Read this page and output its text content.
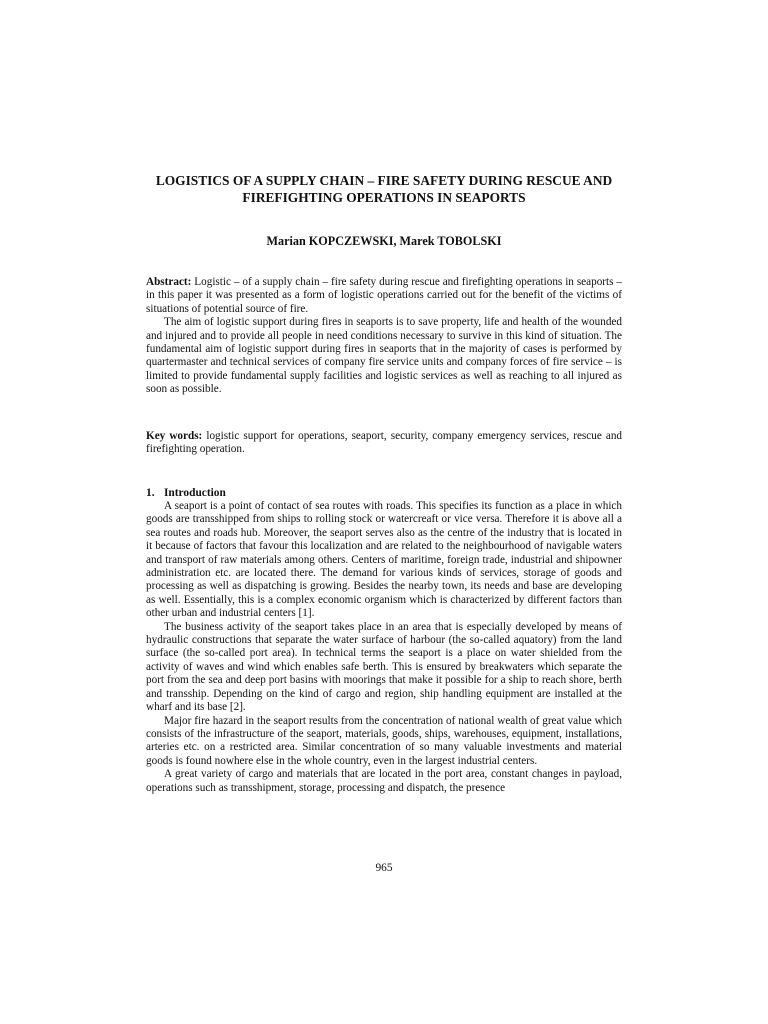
LOGISTICS OF A SUPPLY CHAIN – FIRE SAFETY DURING RESCUE AND FIREFIGHTING OPERATIONS IN SEAPORTS
Marian KOPCZEWSKI, Marek TOBOLSKI

Abstract: Logistic – of a supply chain – fire safety during rescue and firefighting operations in seaports – in this paper it was presented as a form of logistic operations carried out for the benefit of the victims of situations of potential source of fire.

The aim of logistic support during fires in seaports is to save property, life and health of the wounded and injured and to provide all people in need conditions necessary to survive in this kind of situation. The fundamental aim of logistic support during fires in seaports that in the majority of cases is performed by quartermaster and technical services of company fire service units and company forces of fire service – is limited to provide fundamental supply facilities and logistic services as well as reaching to all injured as soon as possible.

Key words: logistic support for operations, seaport, security, company emergency services, rescue and firefighting operation.

1. Introduction

A seaport is a point of contact of sea routes with roads. This specifies its function as a place in which goods are transshipped from ships to rolling stock or watercreaft or vice versa. Therefore it is above all a sea routes and roads hub. Moreover, the seaport serves also as the centre of the industry that is located in it because of factors that favour this localization and are related to the neighbourhood of navigable waters and transport of raw materials among others. Centers of maritime, foreign trade, industrial and shipowner administration etc. are located there. The demand for various kinds of services, storage of goods and processing as well as dispatching is growing. Besides the nearby town, its needs and base are developing as well. Essentially, this is a complex economic organism which is characterized by different factors than other urban and industrial centers [1].

The business activity of the seaport takes place in an area that is especially developed by means of hydraulic constructions that separate the water surface of harbour (the so-called aquatory) from the land surface (the so-called port area). In technical terms the seaport is a place on water shielded from the activity of waves and wind which enables safe berth. This is ensured by breakwaters which separate the port from the sea and deep port basins with moorings that make it possible for a ship to reach shore, berth and transship. Depending on the kind of cargo and region, ship handling equipment are installed at the wharf and its base [2].

Major fire hazard in the seaport results from the concentration of national wealth of great value which consists of the infrastructure of the seaport, materials, goods, ships, warehouses, equipment, installations, arteries etc. on a restricted area. Similar concentration of so many valuable investments and material goods is found nowhere else in the whole country, even in the largest industrial centers.

A great variety of cargo and materials that are located in the port area, constant changes in payload, operations such as transshipment, storage, processing and dispatch, the presence

965
